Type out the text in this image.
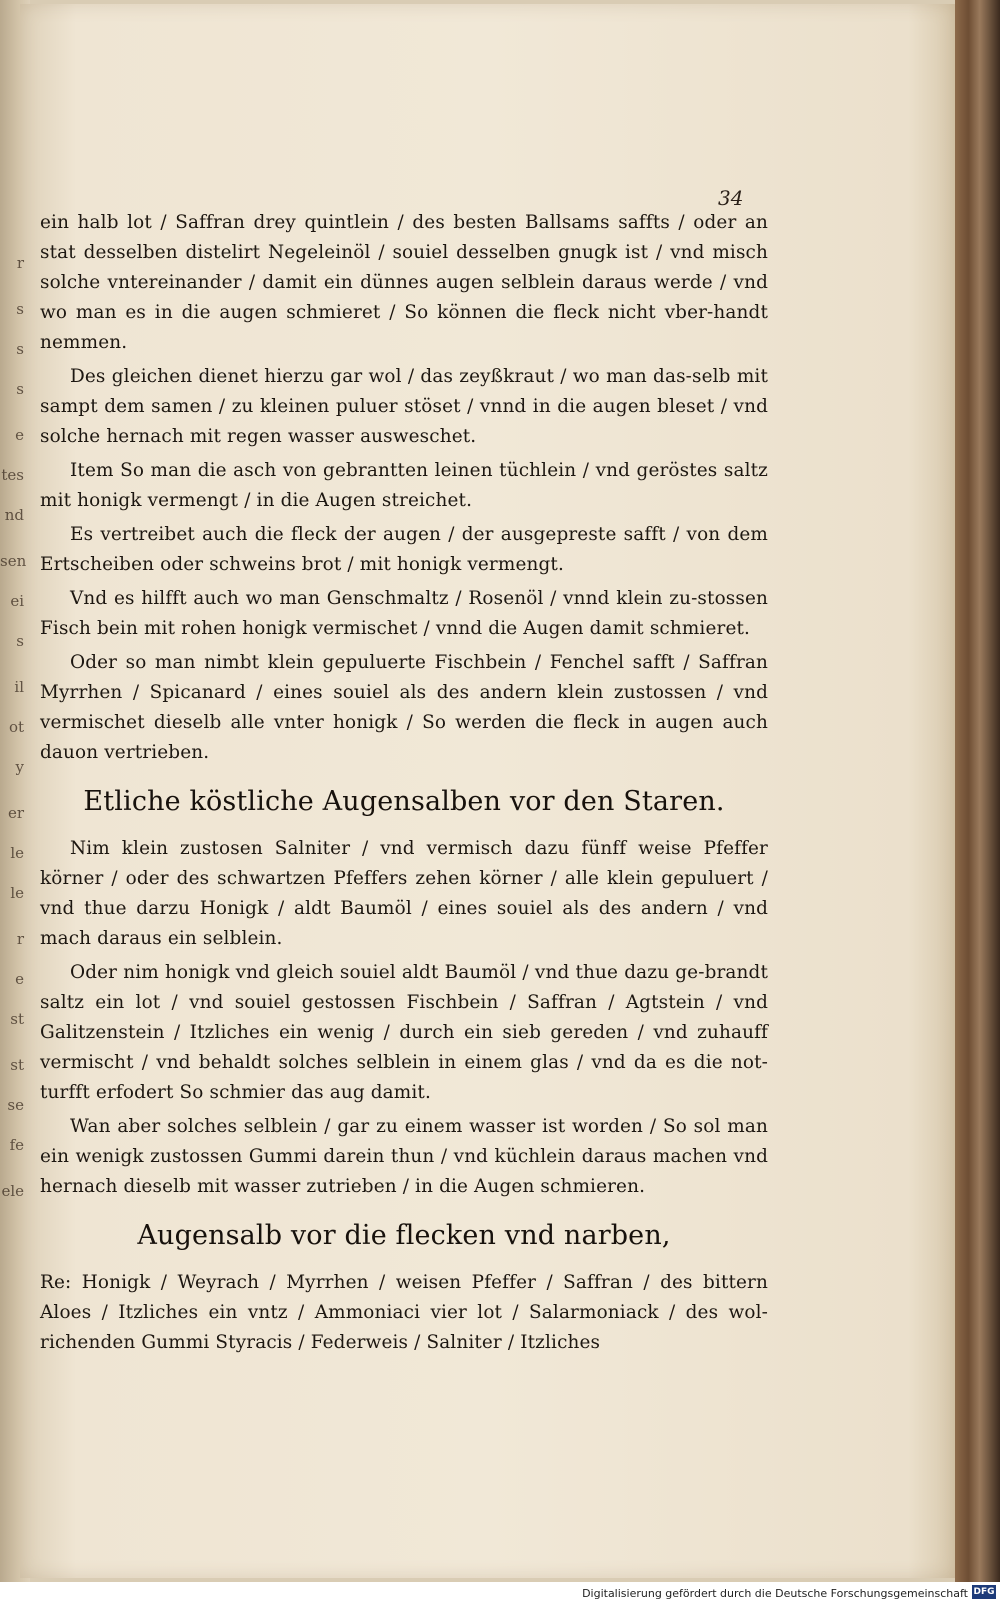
r
s
s
s
e
tes
nd
sen
ei
s
il
ot
y
er
le
le
r
e
st
st
se
fe
ele
34

ein halb lot / Saffran drey quintlein / des besten Ballsams saffts / oder an stat desselben distelirt Negeleinöl / souiel desselben gnugk ist / vnd misch solche vntereinander / damit ein dünnes augen selblein daraus werde / vnd wo man es in die augen schmieret / So können die fleck nicht vber-handt nemmen.

Des gleichen dienet hierzu gar wol / das zeyßkraut / wo man das-selb mit sampt dem samen / zu kleinen puluer stöset / vnnd in die augen bleset / vnd solche hernach mit regen wasser ausweschet.

Item So man die asch von gebrantten leinen tüchlein / vnd geröstes saltz mit honigk vermengt / in die Augen streichet.

Es vertreibet auch die fleck der augen / der ausgepreste safft / von dem Ertscheiben oder schweins brot / mit honigk vermengt.

Vnd es hilfft auch wo man Genschmaltz / Rosenöl / vnnd klein zu-stossen Fisch bein mit rohen honigk vermischet / vnnd die Augen damit schmieret.

Oder so man nimbt klein gepuluerte Fischbein / Fenchel safft / Saffran Myrrhen / Spicanard / eines souiel als des andern klein zustossen / vnd vermischet dieselb alle vnter honigk / So werden die fleck in augen auch dauon vertrieben.

Etliche köstliche Augensalben vor den Staren.

Nim klein zustosen Salniter / vnd vermisch dazu fünff weise Pfeffer körner / oder des schwartzen Pfeffers zehen körner / alle klein gepuluert / vnd thue darzu Honigk / aldt Baumöl / eines souiel als des andern / vnd mach daraus ein selblein.

Oder nim honigk vnd gleich souiel aldt Baumöl / vnd thue dazu ge-brandt saltz ein lot / vnd souiel gestossen Fischbein / Saffran / Agtstein / vnd Galitzenstein / Itzliches ein wenig / durch ein sieb gereden / vnd zuhauff vermischt / vnd behaldt solches selblein in einem glas / vnd da es die not-turfft erfodert So schmier das aug damit.

Wan aber solches selblein / gar zu einem wasser ist worden / So sol man ein wenigk zustossen Gummi darein thun / vnd küchlein daraus machen vnd hernach dieselb mit wasser zutrieben / in die Augen schmieren.

Augensalb vor die flecken vnd narben,

Re: Honigk / Weyrach / Myrrhen / weisen Pfeffer / Saffran / des bittern Aloes / Itzliches ein vntz / Ammoniaci vier lot / Salarmoniack / des wol-richenden Gummi Styracis / Federweis / Salniter / Itzliches

Digitalisierung gefördert durch die Deutsche Forschungsgemeinschaft DFG
